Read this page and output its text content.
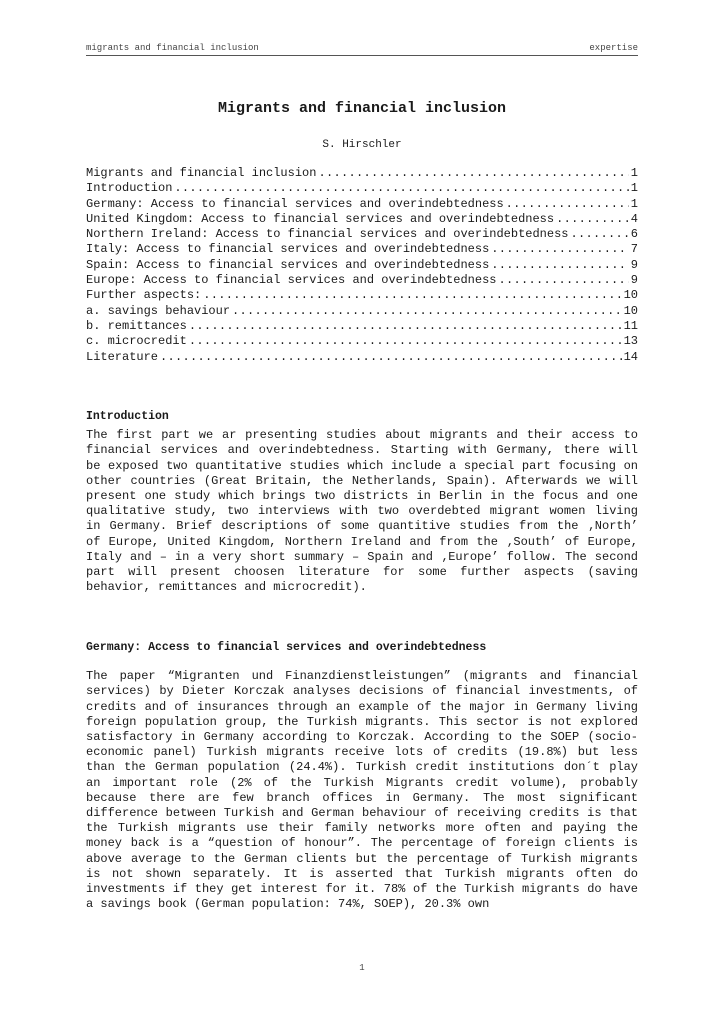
migrants and financial inclusion	expertise
Migrants and financial inclusion
S. Hirschler
Migrants and financial inclusion .....	1
Introduction .....	1
Germany: Access to financial services and overindebtedness .....	1
United Kingdom: Access to financial services and overindebtedness .....	4
Northern Ireland: Access to financial services and overindebtedness .....	6
Italy: Access to financial services and overindebtedness .....	7
Spain: Access to financial services and overindebtedness .....	9
Europe: Access to financial services and overindebtedness .....	9
Further aspects: .....	10
a. savings behaviour .....	10
b. remittances .....	11
c. microcredit .....	13
Literature .....	14
Introduction

The first part we ar presenting studies about migrants and their access to financial services and overindebtedness. Starting with Germany, there will be exposed two quantitative studies which include a special part focusing on other countries (Great Britain, the Netherlands, Spain). Afterwards we will present one study which brings two districts in Berlin in the focus and one qualitative study, two interviews with two overdebted migrant women living in Germany. Brief descriptions of some quantitive studies from the ‚North’ of Europe, United Kingdom, Northern Ireland and from the ‚South’ of Europe, Italy and – in a very short summary – Spain and ‚Europe’ follow. The second part will present choosen literature for some further aspects (saving behavior, remittances and microcredit).

Germany: Access to financial services and overindebtedness

The paper “Migranten und Finanzdienstleistungen” (migrants and financial services) by Dieter Korczak analyses decisions of financial investments, of credits and of insurances through an example of the major in Germany living foreign population group, the Turkish migrants. This sector is not explored satisfactory in Germany according to Korczak. According to the SOEP (socio-economic panel) Turkish migrants receive lots of credits (19.8%) but less than the German population (24.4%). Turkish credit institutions don´t play an important role (2% of the Turkish Migrants credit volume), probably because there are few branch offices in Germany. The most significant difference between Turkish and German behaviour of receiving credits is that the Turkish migrants use their family networks more often and paying the money back is a “question of honour”. The percentage of foreign clients is above average to the German clients but the percentage of Turkish migrants is not shown separately. It is asserted that Turkish migrants often do investments if they get interest for it. 78% of the Turkish migrants do have a savings book (German population: 74%, SOEP), 20.3% own

1
